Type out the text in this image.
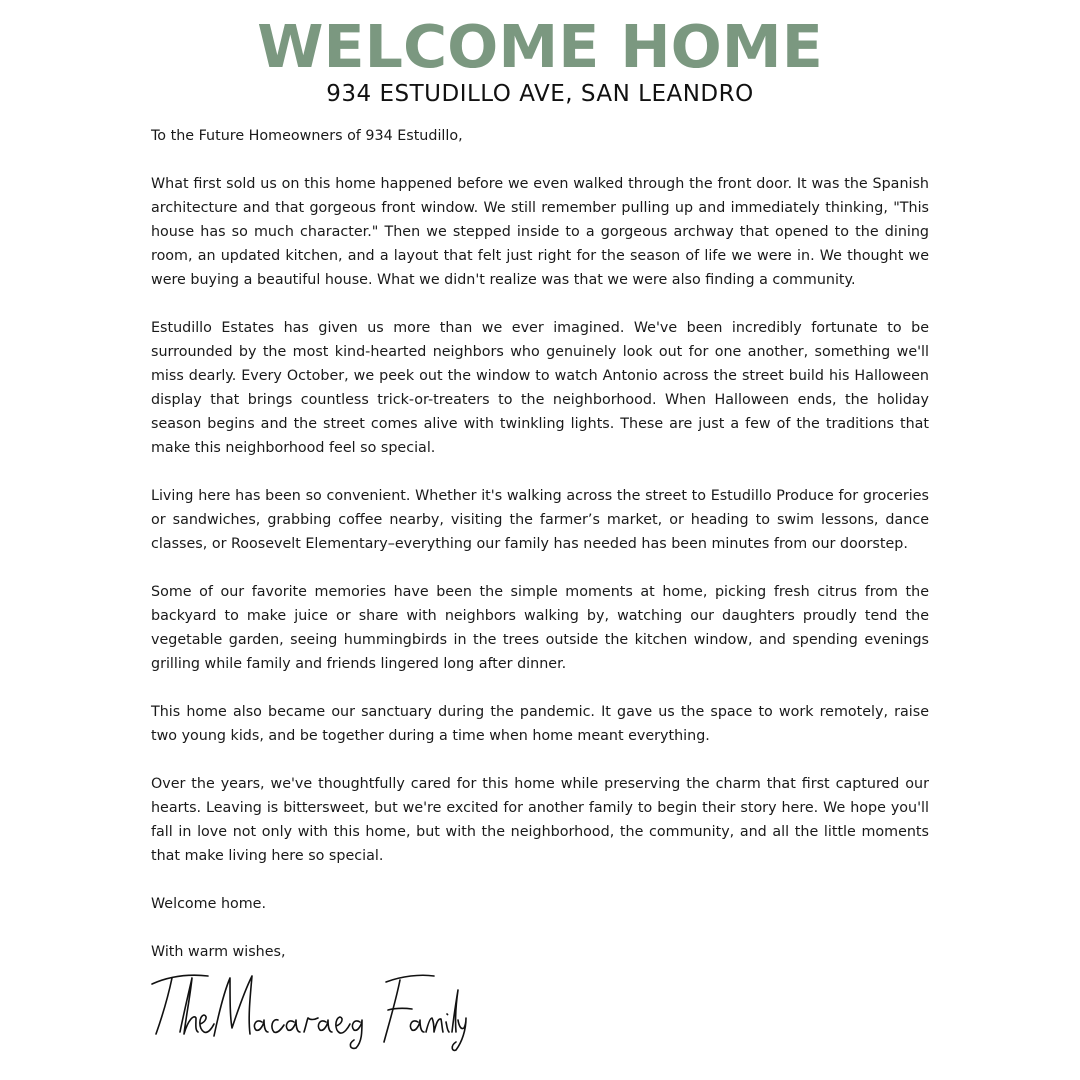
WELCOME HOME
934 ESTUDILLO AVE, SAN LEANDRO

To the Future Homeowners of 934 Estudillo,

What first sold us on this home happened before we even walked through the front door. It was the Spanish architecture and that gorgeous front window. We still remember pulling up and immediately thinking, "This house has so much character." Then we stepped inside to a gorgeous archway that opened to the dining room, an updated kitchen, and a layout that felt just right for the season of life we were in. We thought we were buying a beautiful house. What we didn't realize was that we were also finding a community.

Estudillo Estates has given us more than we ever imagined. We've been incredibly fortunate to be surrounded by the most kind-hearted neighbors who genuinely look out for one another, something we'll miss dearly. Every October, we peek out the window to watch Antonio across the street build his Halloween display that brings countless trick-or-treaters to the neighborhood. When Halloween ends, the holiday season begins and the street comes alive with twinkling lights. These are just a few of the traditions that make this neighborhood feel so special.

Living here has been so convenient. Whether it's walking across the street to Estudillo Produce for groceries or sandwiches, grabbing coffee nearby, visiting the farmer’s market, or heading to swim lessons, dance classes, or Roosevelt Elementary–everything our family has needed has been minutes from our doorstep.

Some of our favorite memories have been the simple moments at home, picking fresh citrus from the backyard to make juice or share with neighbors walking by, watching our daughters proudly tend the vegetable garden, seeing hummingbirds in the trees outside the kitchen window, and spending evenings grilling while family and friends lingered long after dinner.

This home also became our sanctuary during the pandemic. It gave us the space to work remotely, raise two young kids, and be together during a time when home meant everything.

Over the years, we've thoughtfully cared for this home while preserving the charm that first captured our hearts. Leaving is bittersweet, but we're excited for another family to begin their story here. We hope you'll fall in love not only with this home, but with the neighborhood, the community, and all the little moments that make living here so special.

Welcome home.

With warm wishes,
